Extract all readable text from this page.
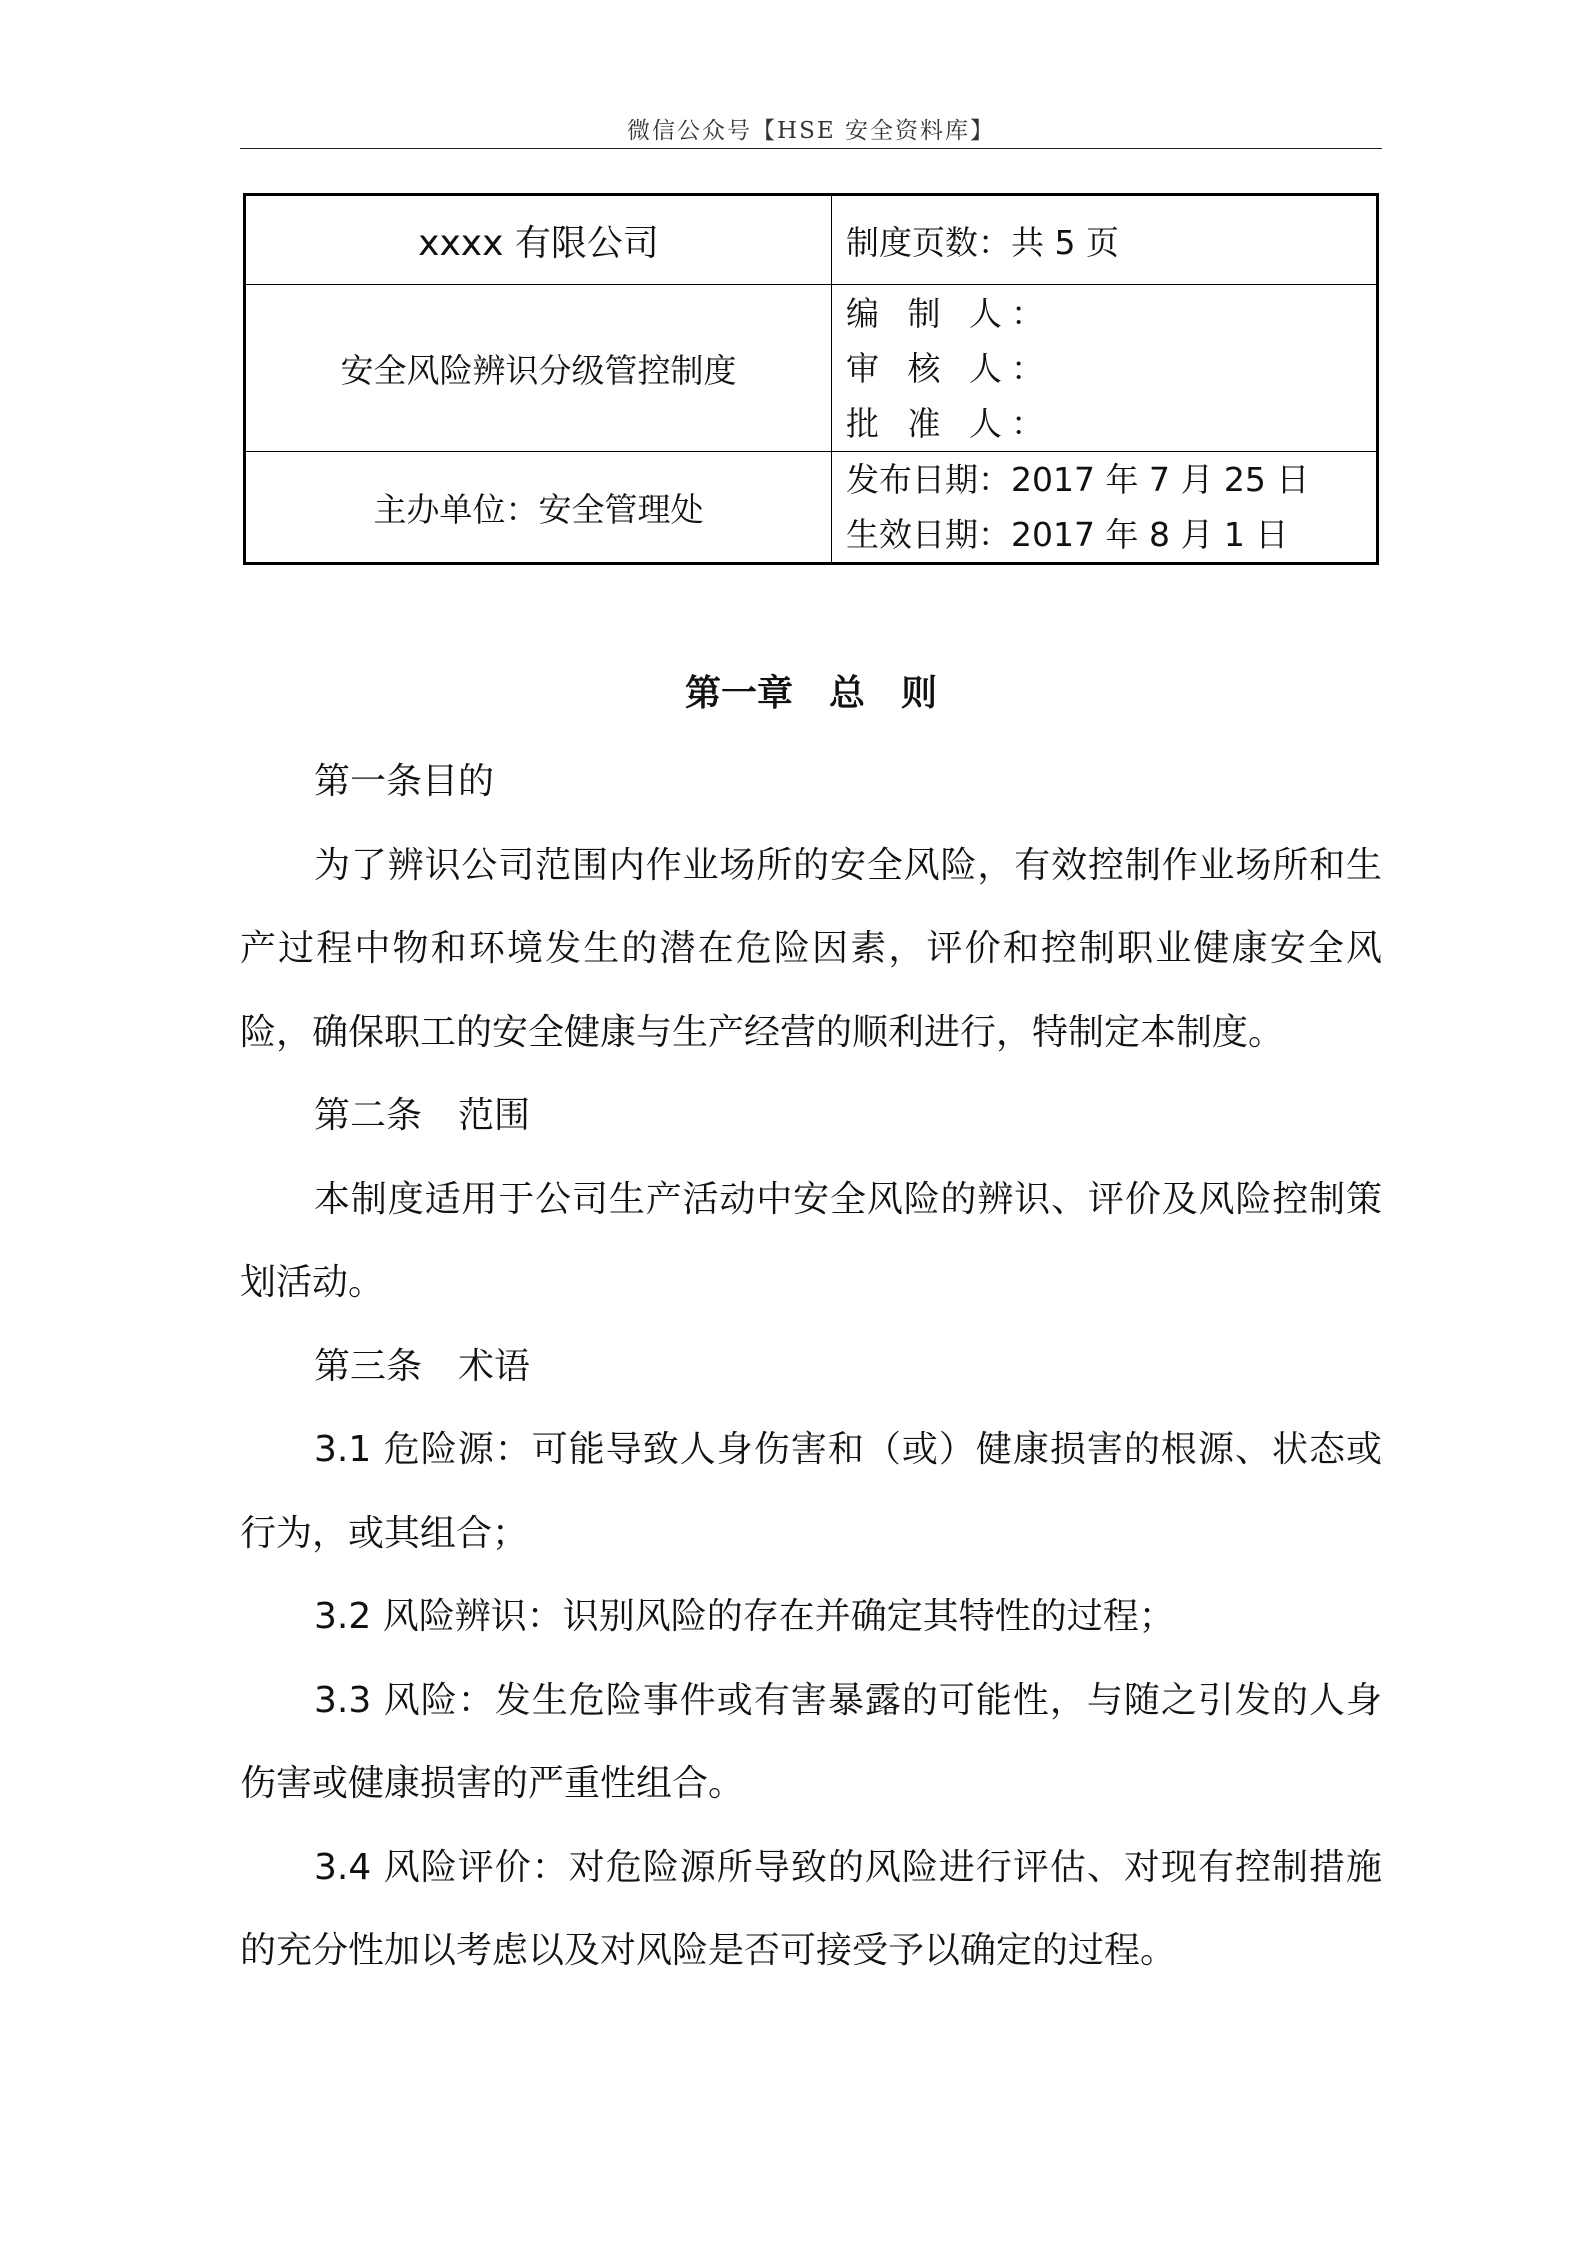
微信公众号【HSE 安全资料库】
xxxx 有限公司	制度页数：共 5 页
安全风险辨识分级管控制度	编 制 人：
审 核 人：
批 准 人：

主办单位：安全管理处	发布日期：2017 年 7 月 25 日
生效日期：2017 年 8 月 1 日
第一章 总 则

第一条目的

为了辨识公司范围内作业场所的安全风险，有效控制作业场所和生产过程中物和环境发生的潜在危险因素，评价和控制职业健康安全风险，确保职工的安全健康与生产经营的顺利进行，特制定本制度。

第二条　范围

本制度适用于公司生产活动中安全风险的辨识、评价及风险控制策划活动。

第三条　术语

3.1 危险源：可能导致人身伤害和（或）健康损害的根源、状态或行为，或其组合；

3.2 风险辨识：识别风险的存在并确定其特性的过程；

3.3 风险：发生危险事件或有害暴露的可能性，与随之引发的人身伤害或健康损害的严重性组合。

3.4 风险评价：对危险源所导致的风险进行评估、对现有控制措施的充分性加以考虑以及对风险是否可接受予以确定的过程。
